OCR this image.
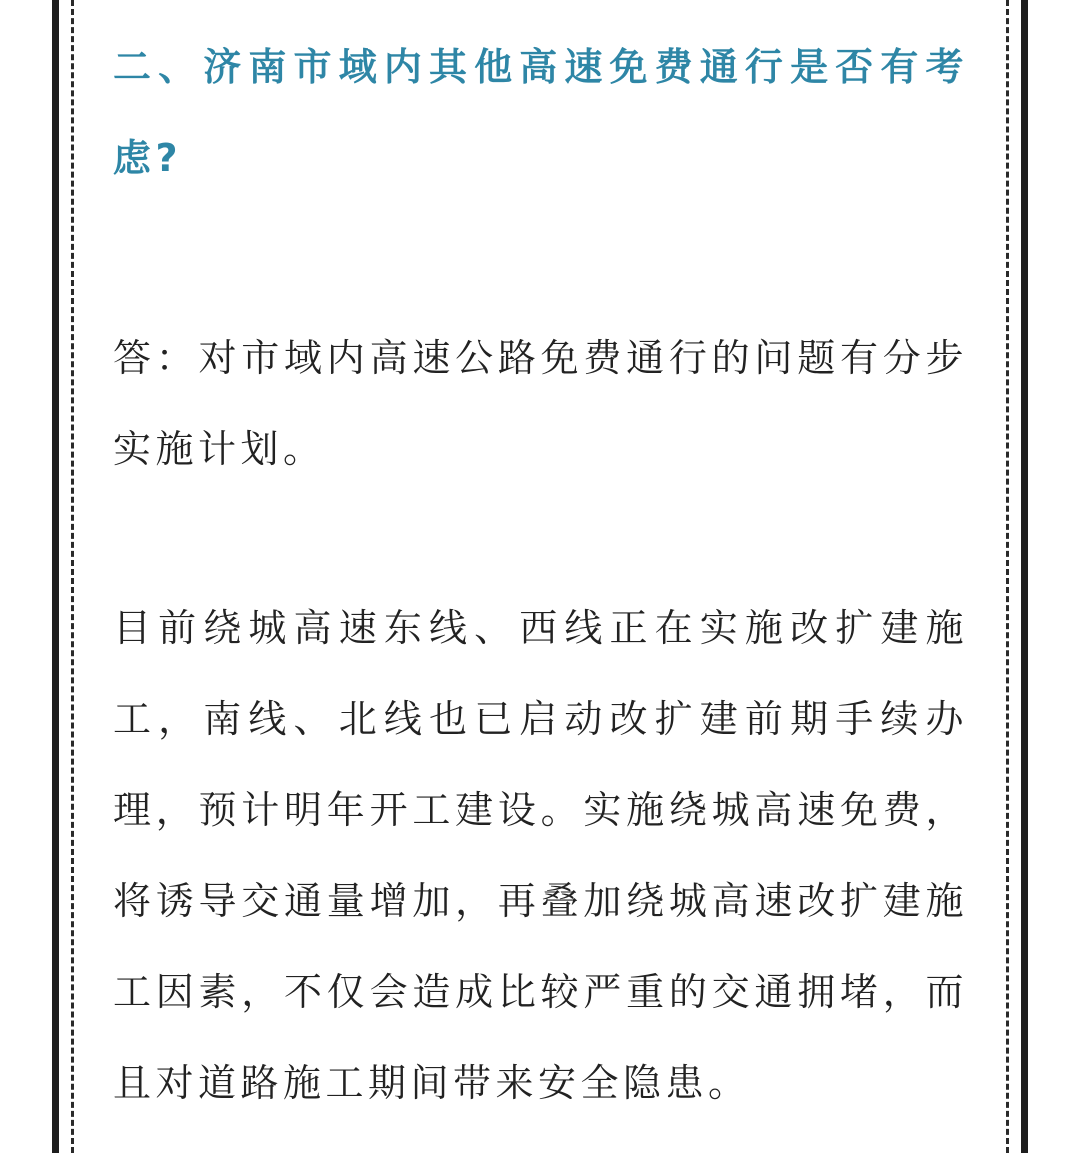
二、济南市域内其他高速免费通行是否有考虑?

答：对市域内高速公路免费通行的问题有分步实施计划。

目前绕城高速东线、西线正在实施改扩建施工，南线、北线也已启动改扩建前期手续办理，预计明年开工建设。实施绕城高速免费，将诱导交通量增加，再叠加绕城高速改扩建施工因素，不仅会造成比较严重的交通拥堵，而且对道路施工期间带来安全隐患。
